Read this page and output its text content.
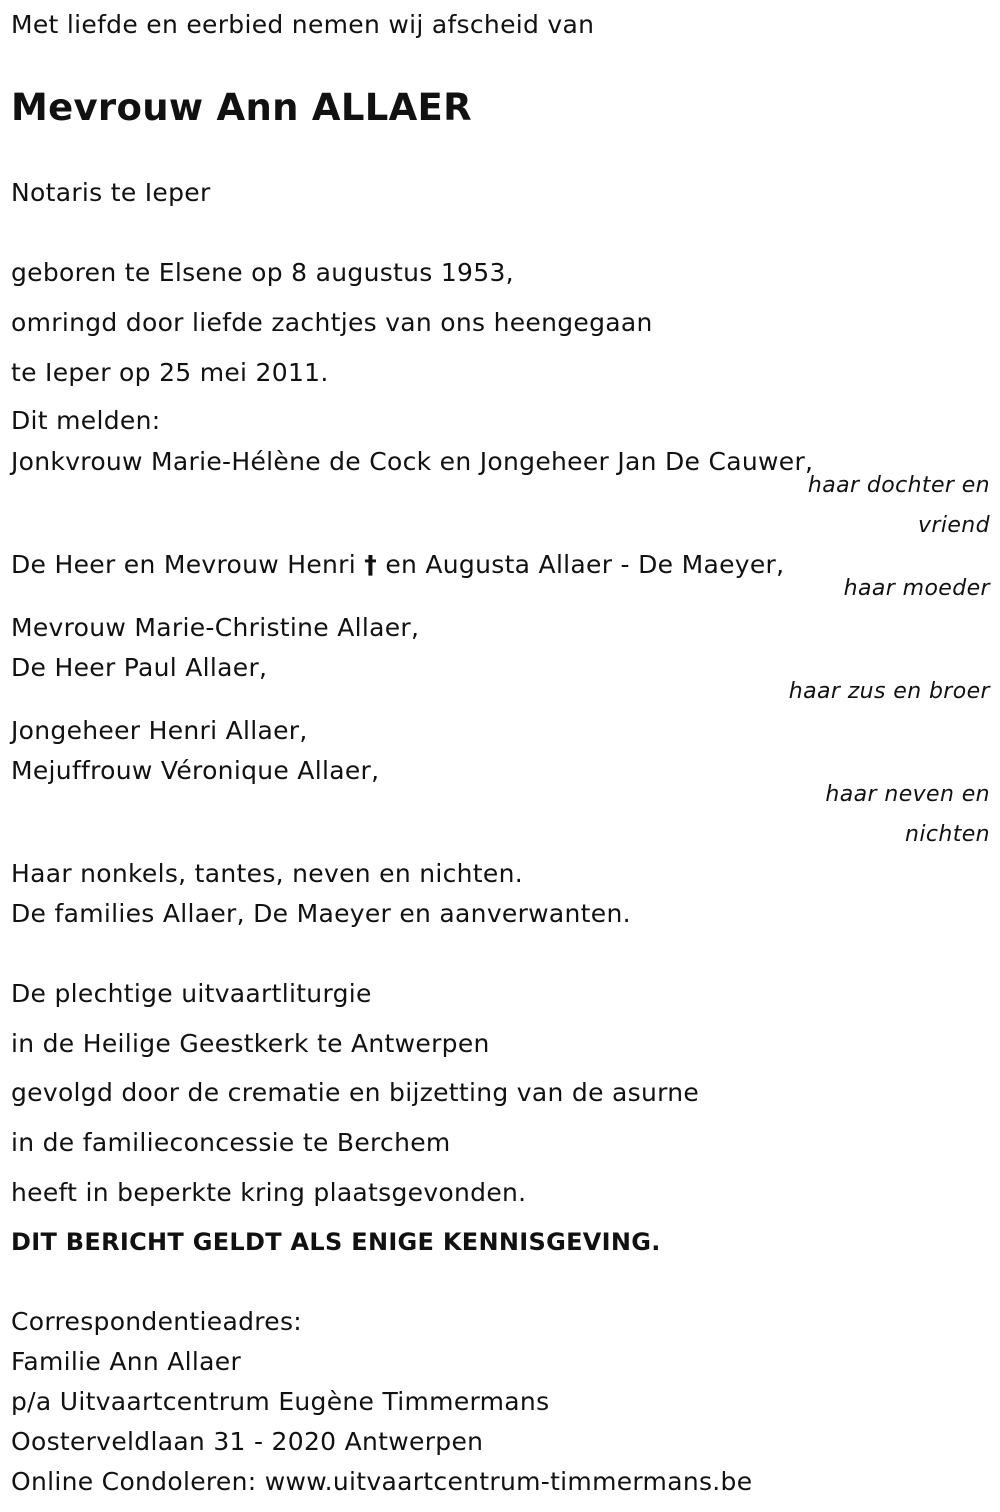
Met liefde en eerbied nemen wij afscheid van
Mevrouw Ann ALLAER
Notaris te Ieper
geboren te Elsene op 8 augustus 1953,
omringd door liefde zachtjes van ons heengegaan
te Ieper op 25 mei 2011.
Dit melden:
Jonkvrouw Marie-Hélène de Cock en Jongeheer Jan De Cauwer,
haar dochter en
vriend
De Heer en Mevrouw Henri † en Augusta Allaer - De Maeyer,
haar moeder
Mevrouw Marie-Christine Allaer,
De Heer Paul Allaer,
haar zus en broer
Jongeheer Henri Allaer,
Mejuffrouw Véronique Allaer,
haar neven en
nichten
Haar nonkels, tantes, neven en nichten.
De families Allaer, De Maeyer en aanverwanten.
De plechtige uitvaartliturgie
in de Heilige Geestkerk te Antwerpen
gevolgd door de crematie en bijzetting van de asurne
in de familieconcessie te Berchem
heeft in beperkte kring plaatsgevonden.
DIT BERICHT GELDT ALS ENIGE KENNISGEVING.
Correspondentieadres:
Familie Ann Allaer
p/a Uitvaartcentrum Eugène Timmermans
Oosterveldlaan 31 - 2020 Antwerpen
Online Condoleren: www.uitvaartcentrum-timmermans.be
